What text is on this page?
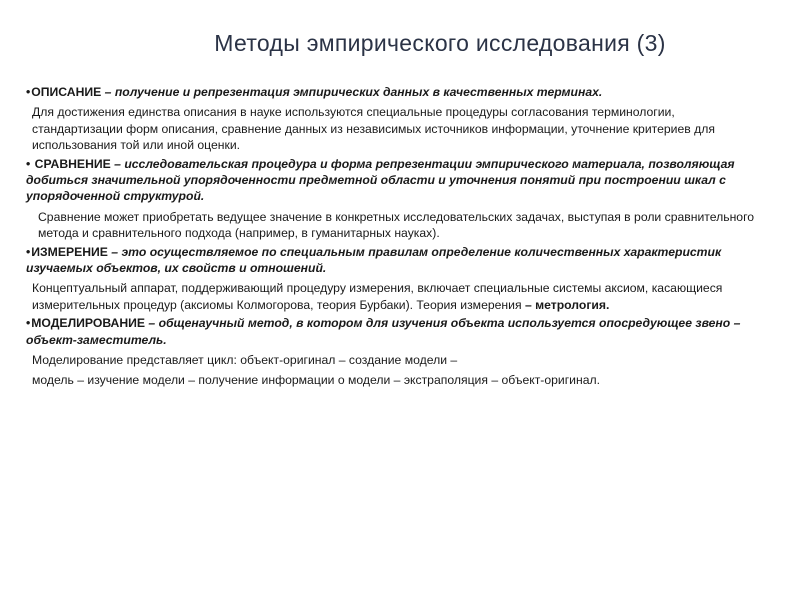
Методы эмпирического исследования (3)
•ОПИСАНИЕ – получение и репрезентация эмпирических данных в качественных терминах.

Для достижения единства описания в науке используются специальные процедуры согласования терминологии, стандартизации форм описания, сравнение данных из независимых источников информации, уточнение критериев для использования той или иной оценки.

• СРАВНЕНИЕ – исследовательская процедура и форма репрезентации эмпирического материала, позволяющая добиться значительной упорядоченности предметной области и уточнения понятий при построении шкал с упорядоченной структурой.

Сравнение может приобретать ведущее значение в конкретных исследовательских задачах, выступая в роли сравнительного метода и сравнительного подхода (например, в гуманитарных науках).

•ИЗМЕРЕНИЕ – это осуществляемое по специальным правилам определение количественных характеристик изучаемых объектов, их свойств и отношений.

Концептуальный аппарат, поддерживающий процедуру измерения, включает специальные системы аксиом, касающиеся измерительных процедур (аксиомы Колмогорова, теория Бурбаки). Теория измерения – метрология.

•МОДЕЛИРОВАНИЕ – общенаучный метод, в котором для изучения объекта используется опосредующее звено – объект-заместитель.

Моделирование представляет цикл: объект-оригинал – создание модели –

модель – изучение модели – получение информации о модели – экстраполяция – объект-оригинал.
